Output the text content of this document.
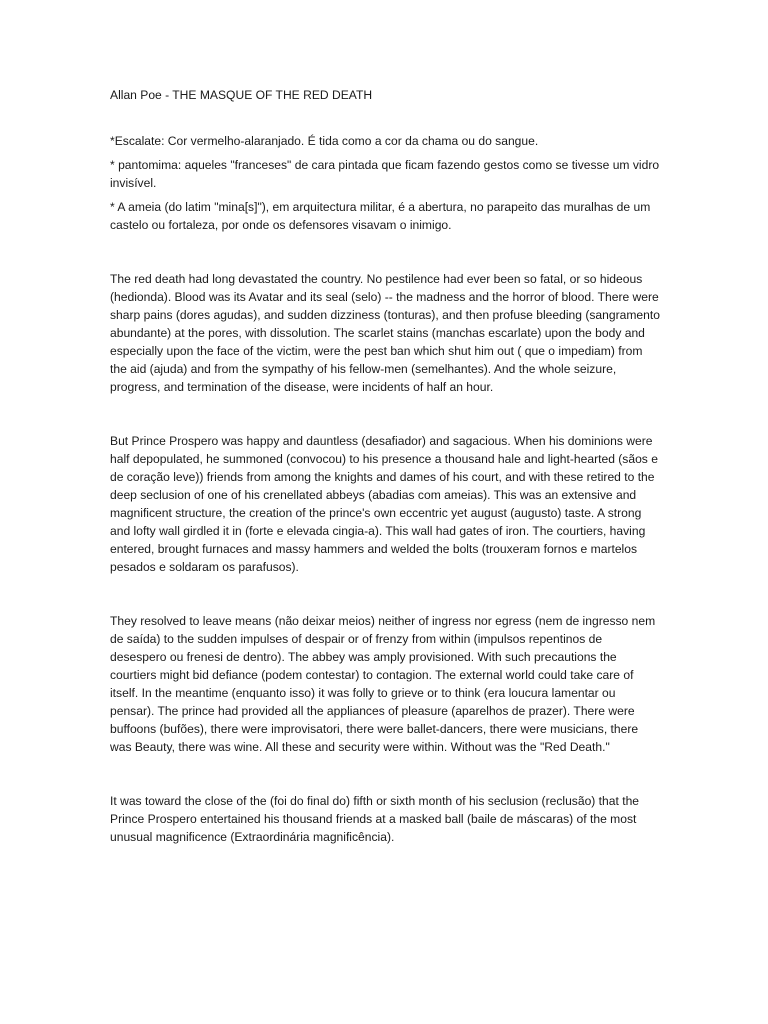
Allan Poe - THE MASQUE OF THE RED DEATH

*Escalate: Cor vermelho-alaranjado. É tida como a cor da chama ou do sangue.

* pantomima: aqueles "franceses" de cara pintada que ficam fazendo gestos como se tivesse um vidro invisível.

* A ameia (do latim "mina[s]"), em arquitectura militar, é a abertura, no parapeito das muralhas de um castelo ou fortaleza, por onde os defensores visavam o inimigo.

The red death had long devastated the country. No pestilence had ever been so fatal, or so hideous (hedionda). Blood was its Avatar and its seal (selo) -- the madness and the horror of blood. There were sharp pains (dores agudas), and sudden dizziness (tonturas), and then profuse bleeding (sangramento abundante) at the pores, with dissolution. The scarlet stains (manchas escarlate) upon the body and especially upon the face of the victim, were the pest ban which shut him out ( que o impediam) from the aid (ajuda) and from the sympathy of his fellow-men (semelhantes). And the whole seizure, progress, and termination of the disease, were incidents of half an hour.

But Prince Prospero was happy and dauntless (desafiador) and sagacious. When his dominions were half depopulated, he summoned (convocou) to his presence a thousand hale and light-hearted (sãos e de coração leve)) friends from among the knights and dames of his court, and with these retired to the deep seclusion of one of his crenellated abbeys (abadias com ameias). This was an extensive and magnificent structure, the creation of the prince's own eccentric yet august (augusto) taste. A strong and lofty wall girdled it in (forte e elevada cingia-a). This wall had gates of iron. The courtiers, having entered, brought furnaces and massy hammers and welded the bolts (trouxeram fornos e martelos pesados e soldaram os parafusos).

They resolved to leave means (não deixar meios) neither of ingress nor egress (nem de ingresso nem de saída) to the sudden impulses of despair or of frenzy from within (impulsos repentinos de desespero ou frenesi de dentro). The abbey was amply provisioned. With such precautions the courtiers might bid defiance (podem contestar) to contagion. The external world could take care of itself. In the meantime (enquanto isso) it was folly to grieve or to think (era loucura lamentar ou pensar). The prince had provided all the appliances of pleasure (aparelhos de prazer). There were buffoons (bufões), there were improvisatori, there were ballet-dancers, there were musicians, there was Beauty, there was wine. All these and security were within. Without was the "Red Death."

It was toward the close of the (foi do final do) fifth or sixth month of his seclusion (reclusão) that the Prince Prospero entertained his thousand friends at a masked ball (baile de máscaras) of the most unusual magnificence (Extraordinária magnificência).
